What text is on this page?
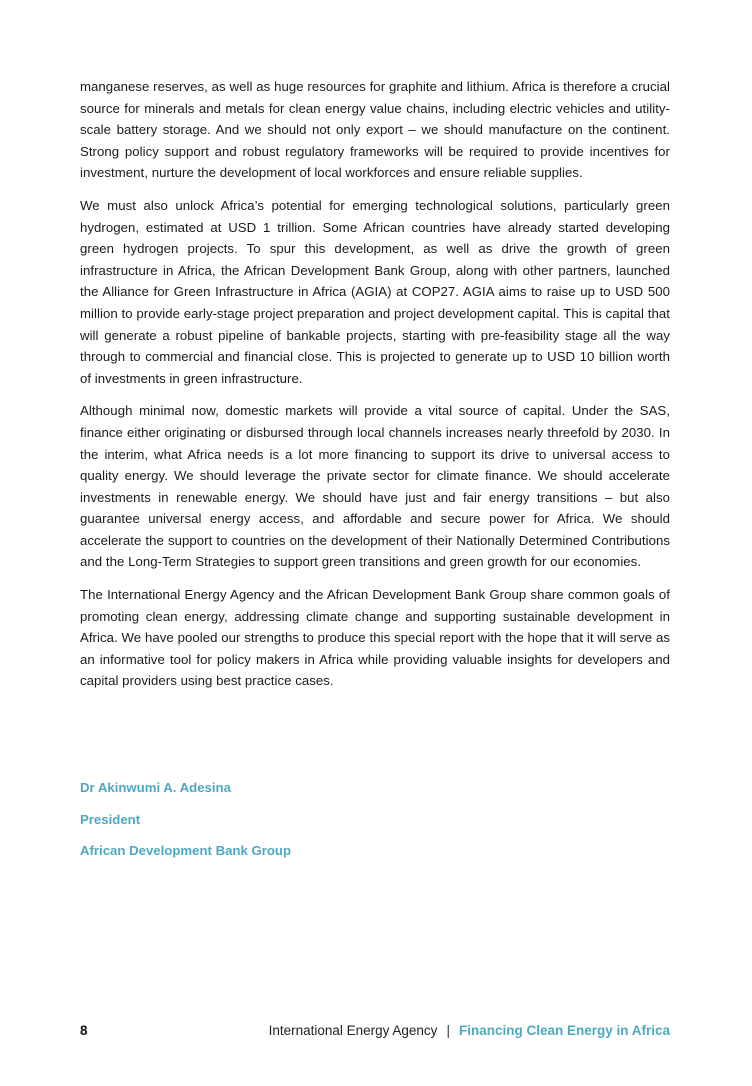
manganese reserves, as well as huge resources for graphite and lithium. Africa is therefore a crucial source for minerals and metals for clean energy value chains, including electric vehicles and utility-scale battery storage. And we should not only export – we should manufacture on the continent. Strong policy support and robust regulatory frameworks will be required to provide incentives for investment, nurture the development of local workforces and ensure reliable supplies.

We must also unlock Africa’s potential for emerging technological solutions, particularly green hydrogen, estimated at USD 1 trillion. Some African countries have already started developing green hydrogen projects. To spur this development, as well as drive the growth of green infrastructure in Africa, the African Development Bank Group, along with other partners, launched the Alliance for Green Infrastructure in Africa (AGIA) at COP27. AGIA aims to raise up to USD 500 million to provide early-stage project preparation and project development capital. This is capital that will generate a robust pipeline of bankable projects, starting with pre-feasibility stage all the way through to commercial and financial close. This is projected to generate up to USD 10 billion worth of investments in green infrastructure.

Although minimal now, domestic markets will provide a vital source of capital. Under the SAS, finance either originating or disbursed through local channels increases nearly threefold by 2030. In the interim, what Africa needs is a lot more financing to support its drive to universal access to quality energy. We should leverage the private sector for climate finance. We should accelerate investments in renewable energy. We should have just and fair energy transitions – but also guarantee universal energy access, and affordable and secure power for Africa. We should accelerate the support to countries on the development of their Nationally Determined Contributions and the Long-Term Strategies to support green transitions and green growth for our economies.

The International Energy Agency and the African Development Bank Group share common goals of promoting clean energy, addressing climate change and supporting sustainable development in Africa. We have pooled our strengths to produce this special report with the hope that it will serve as an informative tool for policy makers in Africa while providing valuable insights for developers and capital providers using best practice cases.

Dr Akinwumi A. Adesina
President
African Development Bank Group
8	International Energy Agency | Financing Clean Energy in Africa
